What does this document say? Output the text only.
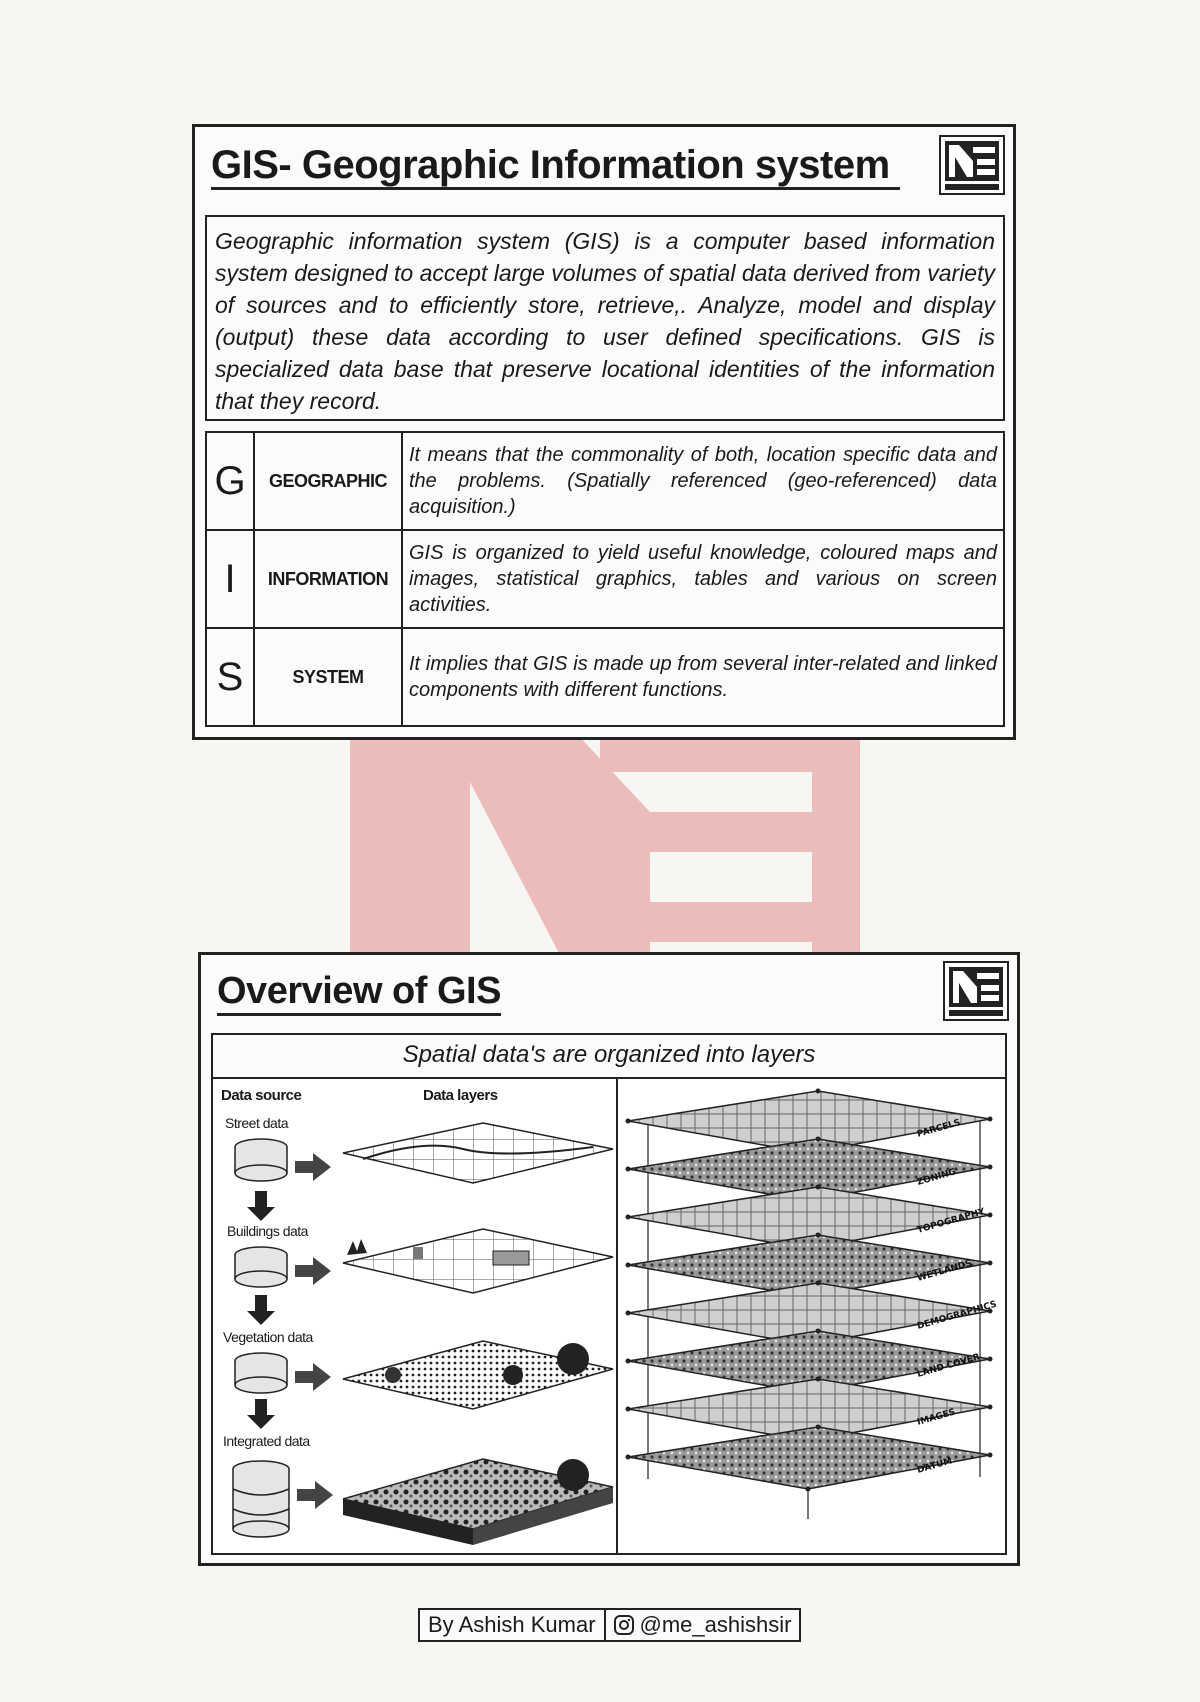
GIS- Geographic Information system
Geographic information system (GIS) is a computer based information system designed to accept large volumes of spatial data derived from variety of sources and to efficiently store, retrieve,. Analyze, model and display (output) these data according to user defined specifications. GIS is specialized data base that preserve locational identities of the information that they record.
G	GEOGRAPHIC	It means that the commonality of both, location specific data and the problems. (Spatially referenced (geo-referenced) data acquisition.)
I	INFORMATION	GIS is organized to yield useful knowledge, coloured maps and images, statistical graphics, tables and various on screen activities.
S	SYSTEM	It implies that GIS is made up from several inter-related and linked components with different functions.
Overview of GIS
Spatial data's are organized into layers
Data source	Data layers
Street data
Buildings data
Vegetation data
Integrated data
PARCELS
ZONING
TOPOGRAPHY
WETLANDS
DEMOGRAPHICS
LAND COVER
IMAGES
DATUM
By Ashish Kumar	@me_ashishsir
